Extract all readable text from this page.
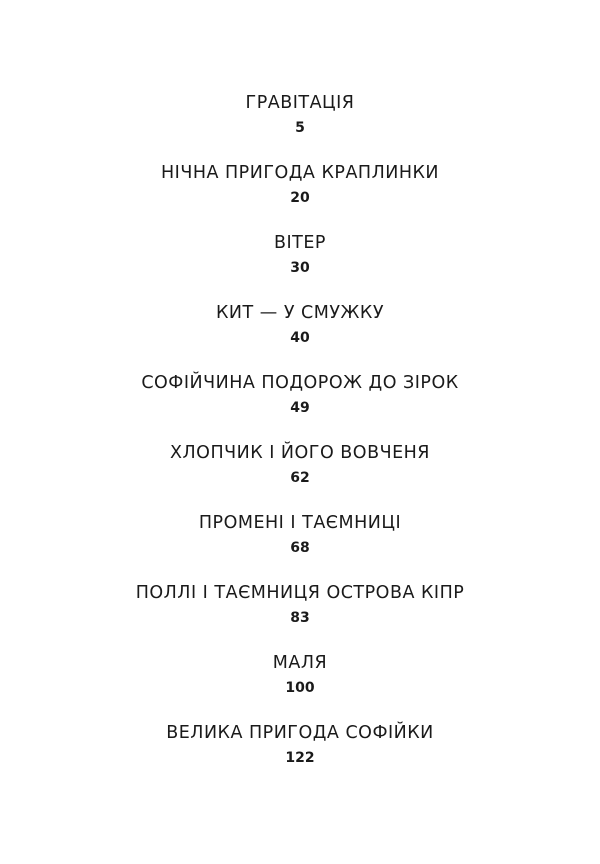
ГРАВІТАЦІЯ
5
НІЧНА ПРИГОДА КРАПЛИНКИ
20
ВІТЕР
30
КИТ — У СМУЖКУ
40
СОФІЙЧИНА ПОДОРОЖ ДО ЗІРОК
49
ХЛОПЧИК І ЙОГО ВОВЧЕНЯ
62
ПРОМЕНІ І ТАЄМНИЦІ
68
ПОЛЛІ І ТАЄМНИЦЯ ОСТРОВА КІПР
83
МАЛЯ
100
ВЕЛИКА ПРИГОДА СОФІЙКИ
122
